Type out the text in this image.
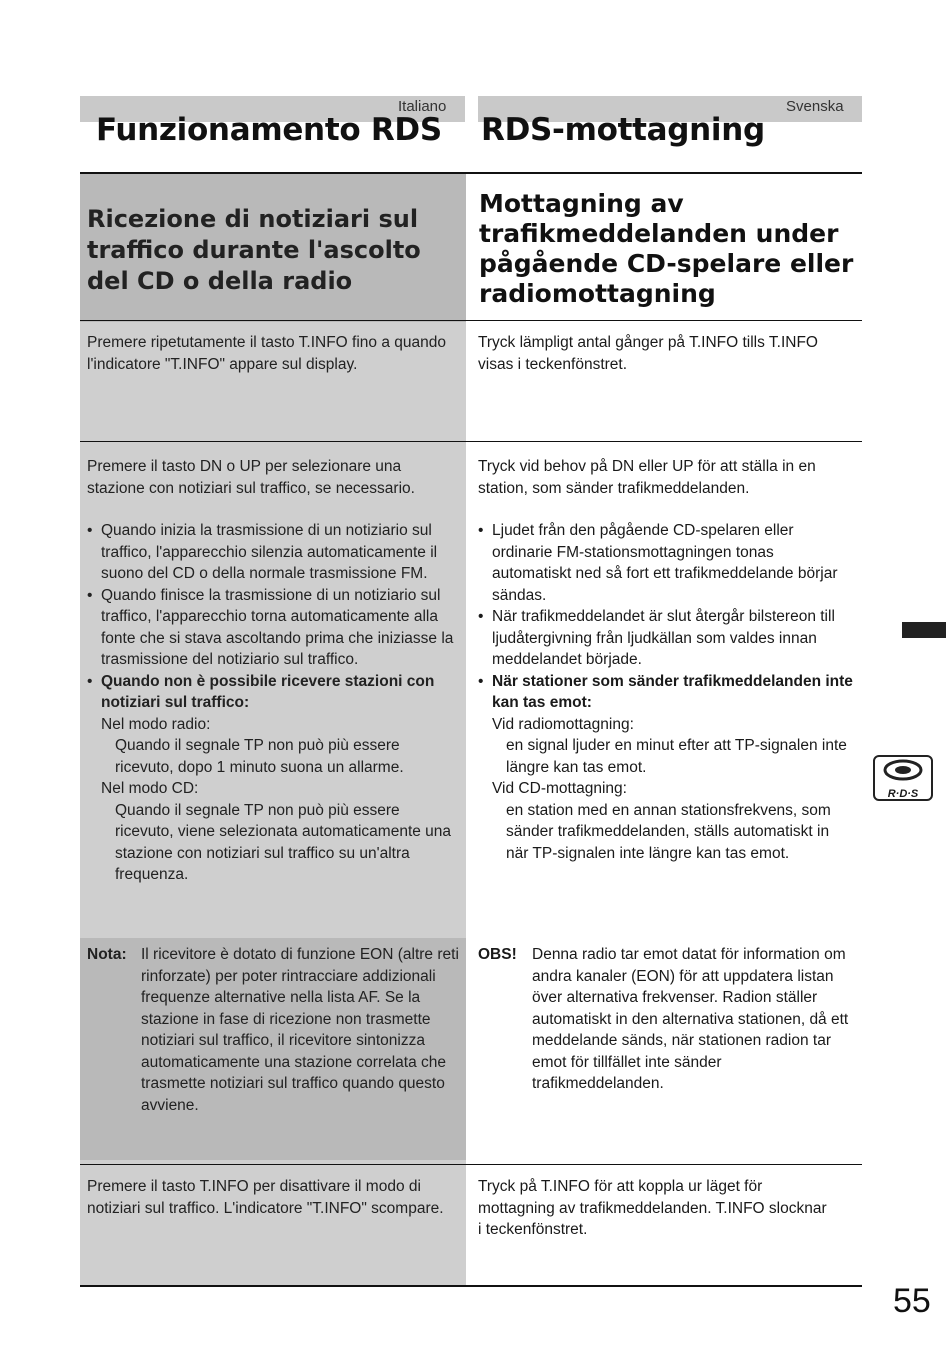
Italiano	Svenska
Funzionamento RDS RDS-mottagning
Ricezione di notiziari sul traffico durante l'ascolto del CD o della radio
Mottagning av trafikmeddelanden under pågående CD-spelare eller radiomottagning
Premere ripetutamente il tasto T.INFO fino a quando l'indicatore "T.INFO" appare sul display.
Tryck lämpligt antal gånger på T.INFO tills T.INFO visas i teckenfönstret.
Premere il tasto DN o UP per selezionare una stazione con notiziari sul traffico, se necessario.
Tryck vid behov på DN eller UP för att ställa in en station, som sänder trafikmeddelanden.
• Quando inizia la trasmissione di un notiziario sul traffico, l'apparecchio silenzia automaticamente il suono del CD o della normale trasmissione FM.
• Quando finisce la trasmissione di un notiziario sul traffico, l'apparecchio torna automaticamente alla fonte che si stava ascoltando prima che iniziasse la trasmissione del notiziario sul traffico.
• Quando non è possibile ricevere stazioni con notiziari sul traffico:
Nel modo radio:
Quando il segnale TP non può più essere ricevuto, dopo 1 minuto suona un allarme.
Nel modo CD:
Quando il segnale TP non può più essere ricevuto, viene selezionata automaticamente una stazione con notiziari sul traffico su un'altra frequenza.
• Ljudet från den pågående CD-spelaren eller ordinarie FM-stationsmottagningen tonas automatiskt ned så fort ett trafikmeddelande börjar sändas.
• När trafikmeddelandet är slut återgår bilstereon till ljudåtergivning från ljudkällan som valdes innan meddelandet började.
• När stationer som sänder trafikmeddelanden inte kan tas emot:
Vid radiomottagning:
en signal ljuder en minut efter att TP-signalen inte längre kan tas emot.
Vid CD-mottagning:
en station med en annan stationsfrekvens, som sänder trafikmeddelanden, ställs automatiskt in när TP-signalen inte längre kan tas emot.
Nota: Il ricevitore è dotato di funzione EON (altre reti rinforzate) per poter rintracciare addizionali frequenze alternative nella lista AF. Se la stazione in fase di ricezione non trasmette notiziari sul traffico, il ricevitore sintonizza automaticamente una stazione correlata che trasmette notiziari sul traffico quando questo avviene.
OBS! Denna radio tar emot datat för information om andra kanaler (EON) för att uppdatera listan över alternativa frekvenser. Radion ställer automatiskt in den alternativa stationen, då ett meddelande sänds, när stationen radion tar emot för tillfället inte sänder trafikmeddelanden.
Premere il tasto T.INFO per disattivare il modo di notiziari sul traffico. L'indicatore "T.INFO" scompare.
Tryck på T.INFO för att koppla ur läget för mottagning av trafikmeddelanden. T.INFO slocknar i teckenfönstret.
R·D·S
55
